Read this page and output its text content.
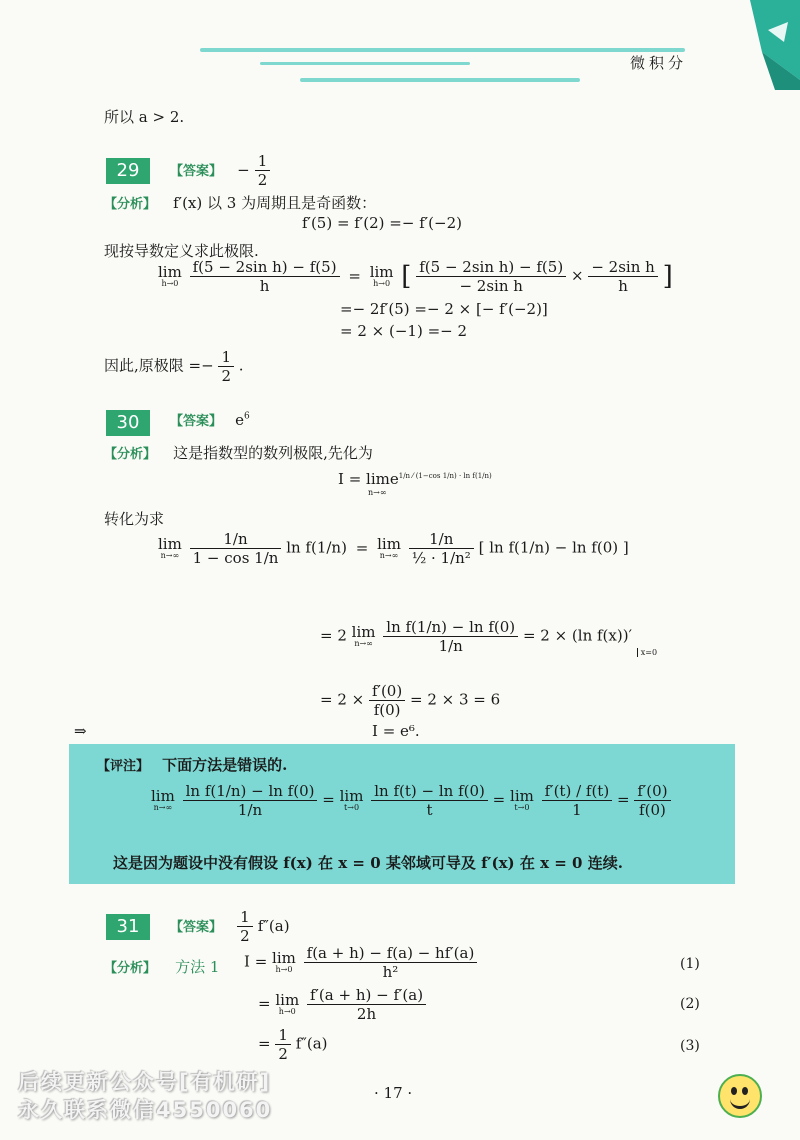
微积分
所以 a > 2.
29	【答案】 − $\frac{1}{2}$
【分析】 f′(x) 以 3 为周期且是奇函数：
f′(5) = f′(2) =− f′(−2)
现按导数定义求此极限.
lim
h→0
$\frac{\text{f(5 − 2sin h) − f(5)}}{h} = \lim$
h→0 [ $\frac{\text{f(5 − 2sin h) − f(5)}}{\text{− 2sin h}} \times \frac{\text{− 2sin h}}{h}$ ]
=− 2f′(5) =− 2 × [− f′(−2)]
= 2 × (−1) =− 2
因此,原极限 =− $\frac{1}{2}$ .
30	【答案】 $e^6$
【分析】 这是指数型的数列极限,先化为
I = lime$^{1/n ⁄ (1-cos 1/n) \cdot ln f(1/n)}$
n→∞
转化为求
lim
n→∞
$\frac{1/n}{1 - \cos 1/n}$ ln f(1/n) = lim
n→∞
$\frac{1/n}{\text{½ · 1/n²}}$ [ ln f(1/n) − ln f(0) ]
= 2 lim
n→∞
$\frac{\text{ln f(1/n) − ln f(0)}}{1/n} = 2 \times (\ln$ f(x))′ $_{x=0}$
= $2 \times \frac{f'(0)}{f(0)} = 2 \times 3 = 6$
⇒	I = e⁶.
【评注】 下面方法是错误的.
lim
n→∞
$\frac{\text{ln f(1/n) − ln f(0)}}{1/n} = \lim$
t→0
$\frac{\text{ln f(t) − ln f(0)}}{t} = \lim$
t→0
$\frac{f'(t) / f(t)}{1} = \frac{f'(0)}{f(0)}$
这是因为题设中没有假设 f(x) 在 x = 0 某邻域可导及 f′(x) 在 x = 0 连续.
31	【答案】 $\frac{1}{2} f''(a)$
【分析】 方法 1 I = lim
h→0
$\frac{f(a + h) - f(a) - hf'(a)}{\text{h²}}$	(1)
= lim
h→0
$\frac{f'(a + h) - f'(a)}{2h}$	(2)
= $\frac{1}{2} f''(a)$	(3)
· 17 ·
后续更新公众号[有机研]
永久联系微信4550060
